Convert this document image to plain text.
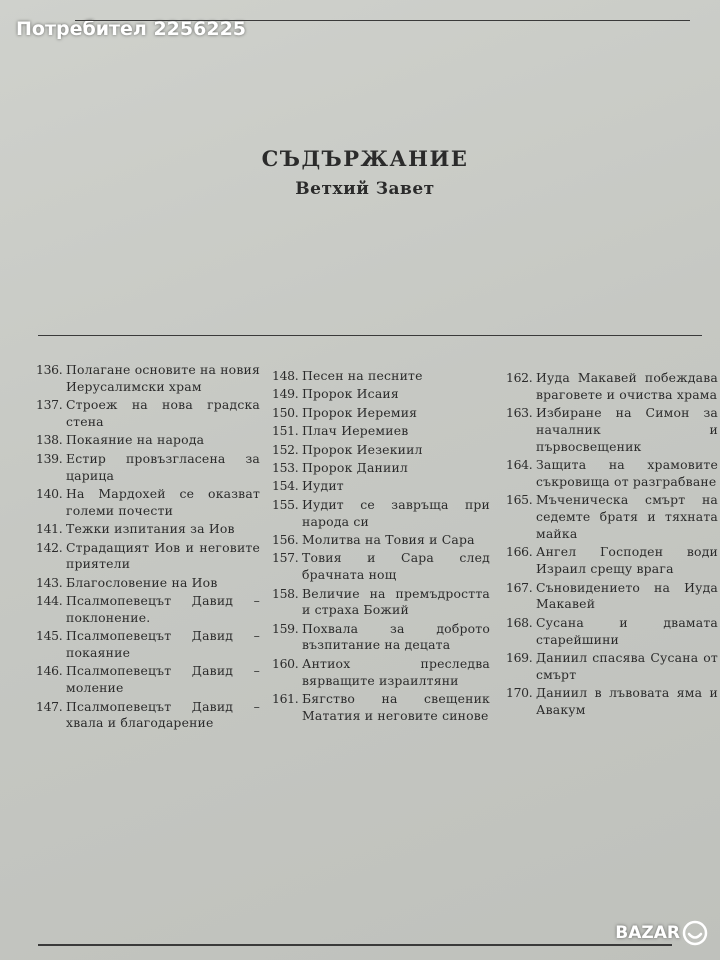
Потребител 2256225
СЪДЪРЖАНИЕ
Ветхий Завет
136. Полагане основите на новия Иерусалимски храм
137. Строеж на нова градска стена
138. Покаяние на народа
139. Естир провъзгласена за царица
140. На Мардохей се оказват големи почести
141. Тежки изпитания за Иов
142. Страдащият Иов и неговите приятели
143. Благословение на Иов
144. Псалмопевецът Давид – поклонение.
145. Псалмопевецът Давид – покаяние
146. Псалмопевецът Давид – моление
147. Псалмопевецът Давид – хвала и благодарение
148. Песен на песните
149. Пророк Исаия
150. Пророк Иеремия
151. Плач Иеремиев
152. Пророк Иезекиил
153. Пророк Даниил
154. Иудит
155. Иудит се завръща при народа си
156. Молитва на Товия и Сара
157. Товия и Сара след брачната нощ
158. Величие на премъдростта и страха Божий
159. Похвала за доброто възпитание на децата
160. Антиох преследва вярващите израилтяни
161. Бягство на свещеник Мататия и неговите синове
162. Иуда Макавей побеждава враговете и очиства храма
163. Избиране на Симон за началник и първосвещеник
164. Защита на храмовите съкровища от разграбване
165. Мъченическа смърт на седемте братя и тяхната майка
166. Ангел Господен води Израил срещу врага
167. Съновидението на Иуда Макавей
168. Сусана и двамата старейшини
169. Даниил спасява Сусана от смърт
170. Даниил в лъвовата яма и Авакум
BAZAR
